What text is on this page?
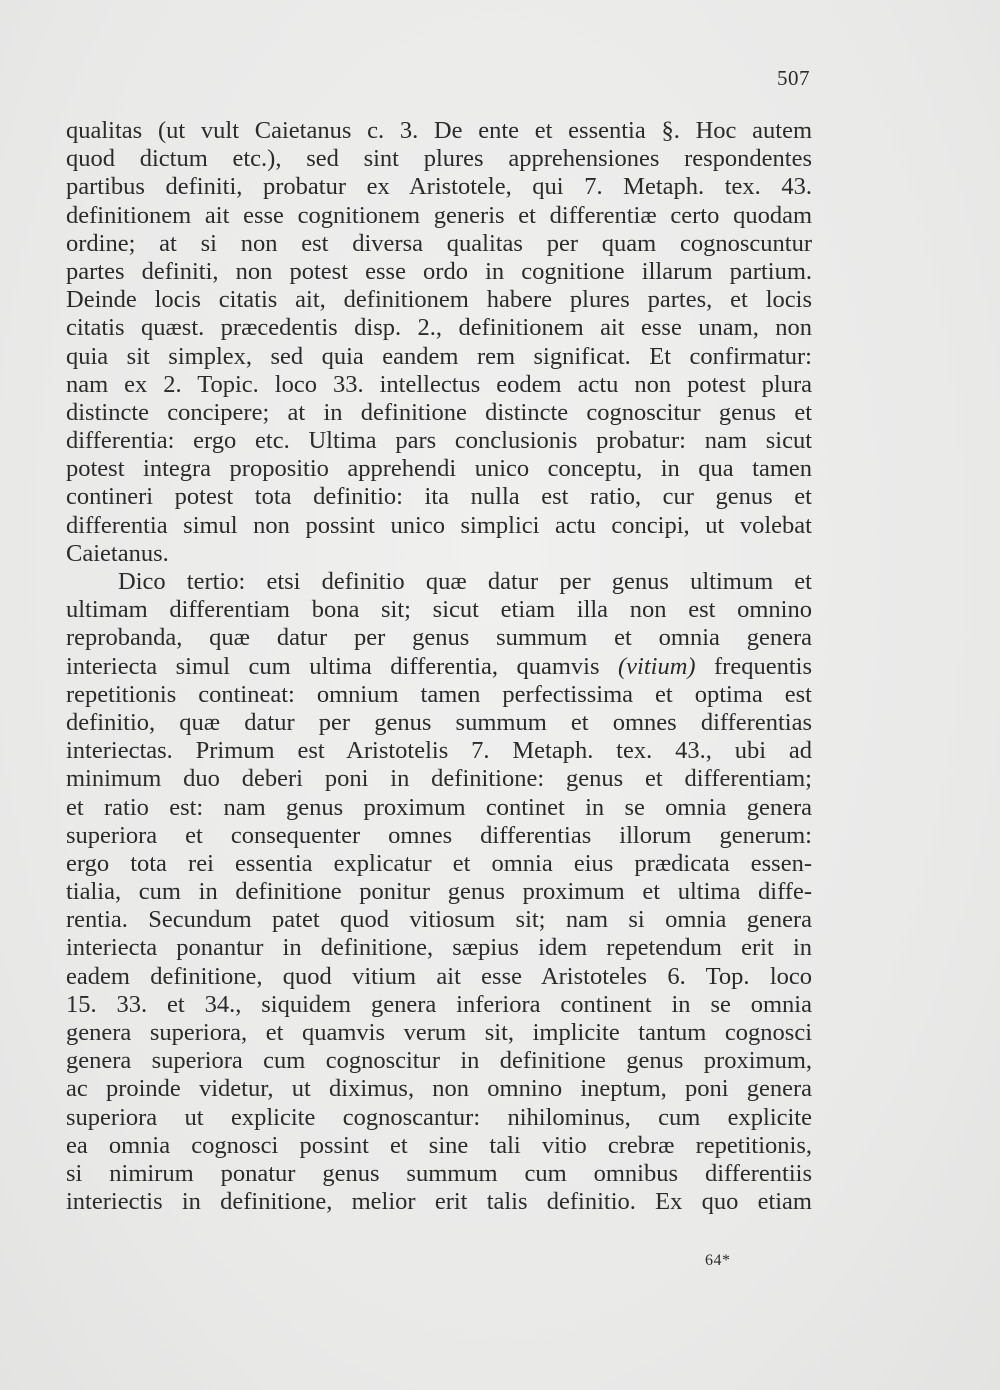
507
qualitas (ut vult Caietanus c. 3. De ente et essentia §. Hoc autem
quod dictum etc.), sed sint plures apprehensiones respondentes
partibus definiti, probatur ex Aristotele, qui 7. Metaph. tex. 43.
definitionem ait esse cognitionem generis et differentiæ certo quodam
ordine; at si non est diversa qualitas per quam cognoscuntur
partes definiti, non potest esse ordo in cognitione illarum partium.
Deinde locis citatis ait, definitionem habere plures partes, et locis
citatis quæst. præcedentis disp. 2., definitionem ait esse unam, non
quia sit simplex, sed quia eandem rem significat. Et confirmatur:
nam ex 2. Topic. loco 33. intellectus eodem actu non potest plura
distincte concipere; at in definitione distincte cognoscitur genus et
differentia: ergo etc. Ultima pars conclusionis probatur: nam sicut
potest integra propositio apprehendi unico conceptu, in qua tamen
contineri potest tota definitio: ita nulla est ratio, cur genus et
differentia simul non possint unico simplici actu concipi, ut volebat
Caietanus.
Dico tertio: etsi definitio quæ datur per genus ultimum et
ultimam differentiam bona sit; sicut etiam illa non est omnino
reprobanda, quæ datur per genus summum et omnia genera
interiecta simul cum ultima differentia, quamvis (vitium) frequentis
repetitionis contineat: omnium tamen perfectissima et optima est
definitio, quæ datur per genus summum et omnes differentias
interiectas. Primum est Aristotelis 7. Metaph. tex. 43., ubi ad
minimum duo deberi poni in definitione: genus et differentiam;
et ratio est: nam genus proximum continet in se omnia genera
superiora et consequenter omnes differentias illorum generum:
ergo tota rei essentia explicatur et omnia eius prædicata essen-
tialia, cum in definitione ponitur genus proximum et ultima diffe-
rentia. Secundum patet quod vitiosum sit; nam si omnia genera
interiecta ponantur in definitione, sæpius idem repetendum erit in
eadem definitione, quod vitium ait esse Aristoteles 6. Top. loco
15. 33. et 34., siquidem genera inferiora continent in se omnia
genera superiora, et quamvis verum sit, implicite tantum cognosci
genera superiora cum cognoscitur in definitione genus proximum,
ac proinde videtur, ut diximus, non omnino ineptum, poni genera
superiora ut explicite cognoscantur: nihilominus, cum explicite
ea omnia cognosci possint et sine tali vitio crebræ repetitionis,
si nimirum ponatur genus summum cum omnibus differentiis
interiectis in definitione, melior erit talis definitio. Ex quo etiam
64*
